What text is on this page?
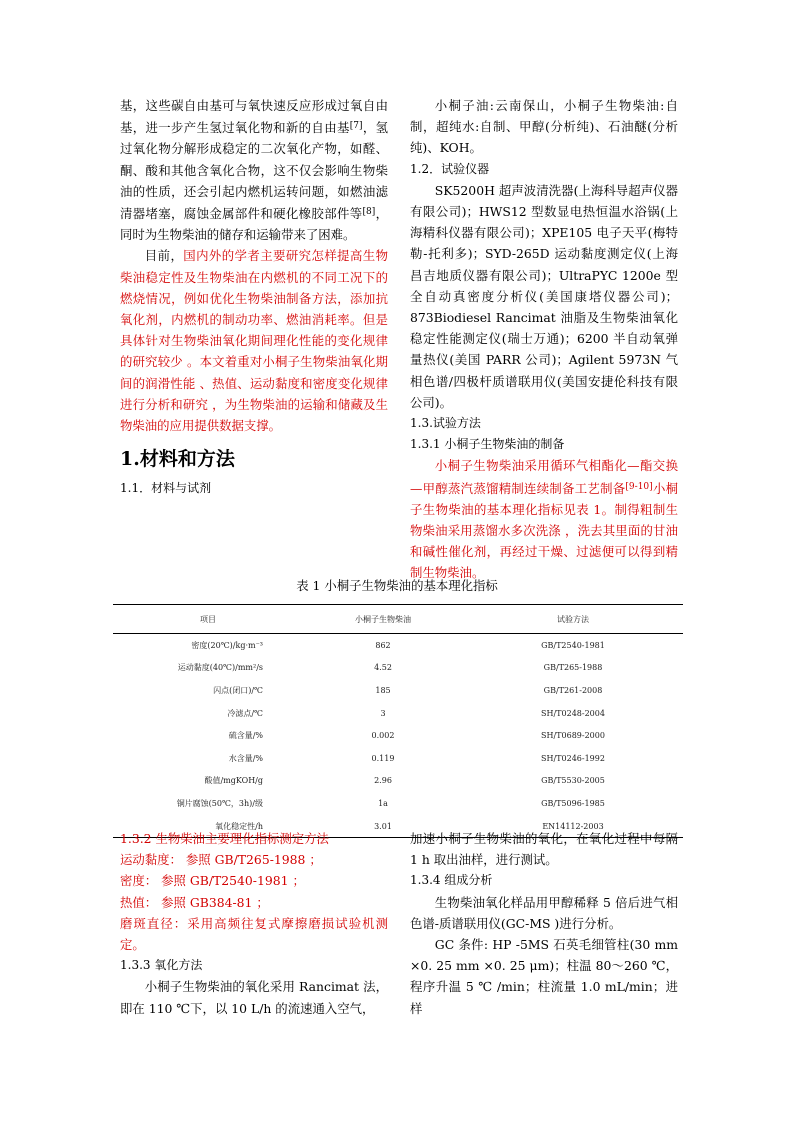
基，这些碳自由基可与氧快速反应形成过氧自由基，进一步产生氢过氧化物和新的自由基[7]，氢过氧化物分解形成稳定的二次氧化产物，如醛、酮、酸和其他含氧化合物，这不仅会影响生物柴油的性质，还会引起内燃机运转问题，如燃油滤清器堵塞，腐蚀金属部件和硬化橡胶部件等[8]，同时为生物柴油的储存和运输带来了困难。

目前，国内外的学者主要研究怎样提高生物柴油稳定性及生物柴油在内燃机的不同工况下的燃烧情况，例如优化生物柴油制备方法，添加抗氧化剂，内燃机的制动功率、燃油消耗率。但是具体针对生物柴油氧化期间理化性能的变化规律的研究较少 。本文着重对小桐子生物柴油氧化期间的润滑性能 、热值、运动黏度和密度变化规律进行分析和研究 ，为生物柴油的运输和储藏及生物柴油的应用提供数据支撑。

1.材料和方法

1.1．材料与试剂

小桐子油:云南保山，小桐子生物柴油:自制，超纯水:自制、甲醇(分析纯)、石油醚(分析纯)、KOH。

1.2．试验仪器

SK5200H 超声波清洗器(上海科导超声仪器有限公司)；HWS12 型数显电热恒温水浴锅(上海精科仪器有限公司)；XPE105 电子天平(梅特勒-托利多)；SYD-265D 运动黏度测定仪(上海昌吉地质仪器有限公司)；UltraPYC 1200e 型全自动真密度分析仪(美国康塔仪器公司)；873Biodiesel Rancimat 油脂及生物柴油氧化稳定性能测定仪(瑞士万通)；6200 半自动氧弹量热仪(美国 PARR 公司)；Agilent 5973N 气相色谱/四极杆质谱联用仪(美国安捷伦科技有限公司)。

1.3.试验方法

1.3.1 小桐子生物柴油的制备

小桐子生物柴油采用循环气相酯化—酯交换—甲醇蒸汽蒸馏精制连续制备工艺制备[9-10]小桐子生物柴油的基本理化指标见表 1。制得粗制生物柴油采用蒸馏水多次洗涤 ，洗去其里面的甘油和碱性催化剂，再经过干燥、过滤便可以得到精制生物柴油。

表 1 小桐子生物柴油的基本理化指标
项目	小桐子生物柴油	试验方法
密度(20℃)/kg·m⁻³	862	GB/T2540-1981
运动黏度(40℃)/mm²/s	4.52	GB/T265-1988
闪点(闭口)/℃	185	GB/T261-2008
冷滤点/℃	3	SH/T0248-2004
硫含量/%	0.002	SH/T0689-2000
水含量/%	0.119	SH/T0246-1992
酸值/mgKOH/g	2.96	GB/T5530-2005
铜片腐蚀(50℃，3h)/级	1a	GB/T5096-1985
氧化稳定性/h	3.01	EN14112-2003

1.3.2 生物柴油主要理化指标测定方法

运动黏度： 参照 GB/T265-1988 ；

密度： 参照 GB/T2540-1981 ；

热值： 参照 GB384-81 ；

磨斑直径：采用高频往复式摩擦磨损试验机测定。

1.3.3 氧化方法

小桐子生物柴油的氧化采用 Rancimat 法，即在 110 ℃下，以 10 L/h 的流速通入空气，

加速小桐子生物柴油的氧化，在氧化过程中每隔 1 h 取出油样，进行测试。

1.3.4 组成分析

生物柴油氧化样品用甲醇稀释 5 倍后进气相色谱-质谱联用仪(GC-MS )进行分析。

GC 条件: HP -5MS 石英毛细管柱(30 mm ×0. 25 mm ×0. 25 μm)；柱温 80～260 ℃，程序升温 5 ℃ /min；柱流量 1.0 mL/min；进样
